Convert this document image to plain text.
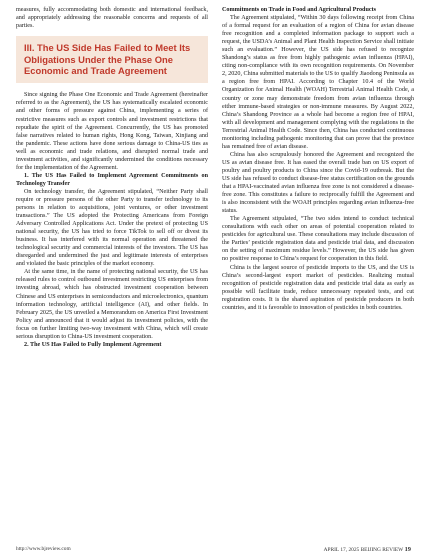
measures, fully accommodating both domestic and international feedback, and appropriately addressing the reasonable concerns and requests of all parties.

III. The US Side Has Failed to Meet Its Obligations Under the Phase One Economic and Trade Agreement

Since signing the Phase One Economic and Trade Agreement (hereinafter referred to as the Agreement), the US has systematically escalated economic and other forms of pressure against China, implementing a series of restrictive measures such as export controls and investment restrictions that repudiate the spirit of the Agreement. Concurrently, the US has promoted false narratives related to human rights, Hong Kong, Taiwan, Xinjiang and the pandemic. These actions have done serious damage to China-US ties as well as economic and trade relations, and disrupted normal trade and investment activities, and significantly undermined the conditions necessary for the implementation of the Agreement.

1. The US Has Failed to Implement Agreement Commitments on Technology Transfer

On technology transfer, the Agreement stipulated, “Neither Party shall require or pressure persons of the other Party to transfer technology to its persons in relation to acquisitions, joint ventures, or other investment transactions.” The US adopted the Protecting Americans from Foreign Adversary Controlled Applications Act. Under the pretext of protecting US national security, the US has tried to force TikTok to sell off or divest its business. It has interfered with its normal operation and threatened the technological security and commercial interests of the investors. The US has disregarded and undermined the just and legitimate interests of enterprises and violated the basic principles of the market economy.

At the same time, in the name of protecting national security, the US has released rules to control outbound investment restricting US enterprises from investing abroad, which has obstructed investment cooperation between Chinese and US enterprises in semiconductors and microelectronics, quantum information technology, artificial intelligence (AI), and other fields. In February 2025, the US unveiled a Memorandum on America First Investment Policy and announced that it would adjust its investment policies, with the focus on further limiting two-way investment with China, which will create serious disruption to China-US investment cooperation.

2. The US Has Failed to Fully Implement Agreement

Commitments on Trade in Food and Agricultural Products

The Agreement stipulated, “Within 30 days following receipt from China of a formal request for an evaluation of a region of China for avian disease free recognition and a completed information package to support such a request, the USDA’s Animal and Plant Health Inspection Service shall initiate such an evaluation.” However, the US side has refused to recognize Shandong’s status as free from highly pathogenic avian influenza (HPAI), citing non-compliance with its own recognition requirements. On November 2, 2020, China submitted materials to the US to qualify Jiaodong Peninsula as a region free from HPAI. According to Chapter 10.4 of the World Organization for Animal Health (WOAH) Terrestrial Animal Health Code, a country or zone may demonstrate freedom from avian influenza through either immune-based strategies or non-immune measures. By August 2022, China’s Shandong Province as a whole had become a region free of HPAI, with all development and management complying with the regulations in the Terrestrial Animal Health Code. Since then, China has conducted continuous monitoring including pathogenic monitoring that can prove that the province has remained free of avian disease.

China has also scrupulously honored the Agreement and recognized the US as avian disease free. It has eased the overall trade ban on US export of poultry and poultry products to China since the Covid-19 outbreak. But the US side has refused to conduct disease-free status certification on the grounds that a HPAI-vaccinated avian influenza free zone is not considered a disease-free zone. This constitutes a failure to reciprocally fulfill the Agreement and is also inconsistent with the WOAH principles regarding avian influenza-free status.

The Agreement stipulated, “The two sides intend to conduct technical consultations with each other on areas of potential cooperation related to pesticides for agricultural use. These consultations may include discussion of the Parties’ pesticide registration data and pesticide trial data, and discussion on the setting of maximum residue levels.” However, the US side has given no positive response to China’s request for cooperation in this field.

China is the largest source of pesticide imports to the US, and the US is China’s second-largest export market of pesticides. Realizing mutual recognition of pesticide registration data and pesticide trial data as early as possible will facilitate trade, reduce unnecessary repeated tests, and cut registration costs. It is the shared aspiration of pesticide producers in both countries, and it is favorable to innovation of pesticides in both countries.

http://www.bjreview.com	APRIL 17, 2025 BEIJING REVIEW 19
